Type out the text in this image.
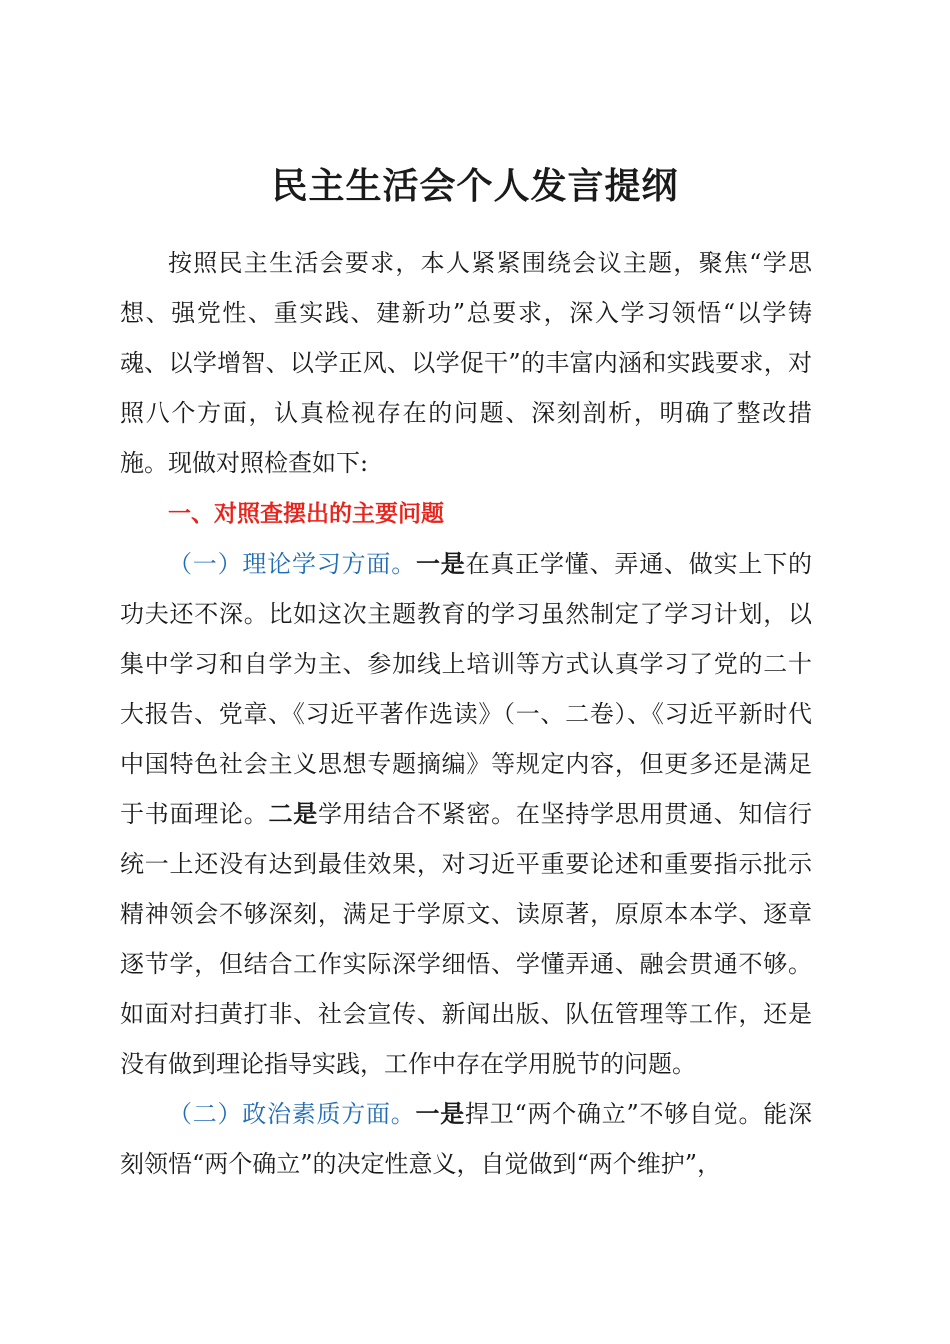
民主生活会个人发言提纲

按照民主生活会要求，本人紧紧围绕会议主题，聚焦“学思想、强党性、重实践、建新功”总要求，深入学习领悟“以学铸魂、以学增智、以学正风、以学促干”的丰富内涵和实践要求，对照八个方面，认真检视存在的问题、深刻剖析，明确了整改措施。现做对照检查如下:

一、对照查摆出的主要问题

（一）理论学习方面。一是在真正学懂、弄通、做实上下的功夫还不深。比如这次主题教育的学习虽然制定了学习计划，以集中学习和自学为主、参加线上培训等方式认真学习了党的二十大报告、党章、《习近平著作选读》（一、二卷）、《习近平新时代中国特色社会主义思想专题摘编》等规定内容，但更多还是满足于书面理论。二是学用结合不紧密。在坚持学思用贯通、知信行统一上还没有达到最佳效果，对习近平重要论述和重要指示批示精神领会不够深刻，满足于学原文、读原著，原原本本学、逐章逐节学，但结合工作实际深学细悟、学懂弄通、融会贯通不够。如面对扫黄打非、社会宣传、新闻出版、队伍管理等工作，还是没有做到理论指导实践，工作中存在学用脱节的问题。

（二）政治素质方面。一是捍卫“两个确立”不够自觉。能深刻领悟“两个确立”的决定性意义，自觉做到“两个维护”，
